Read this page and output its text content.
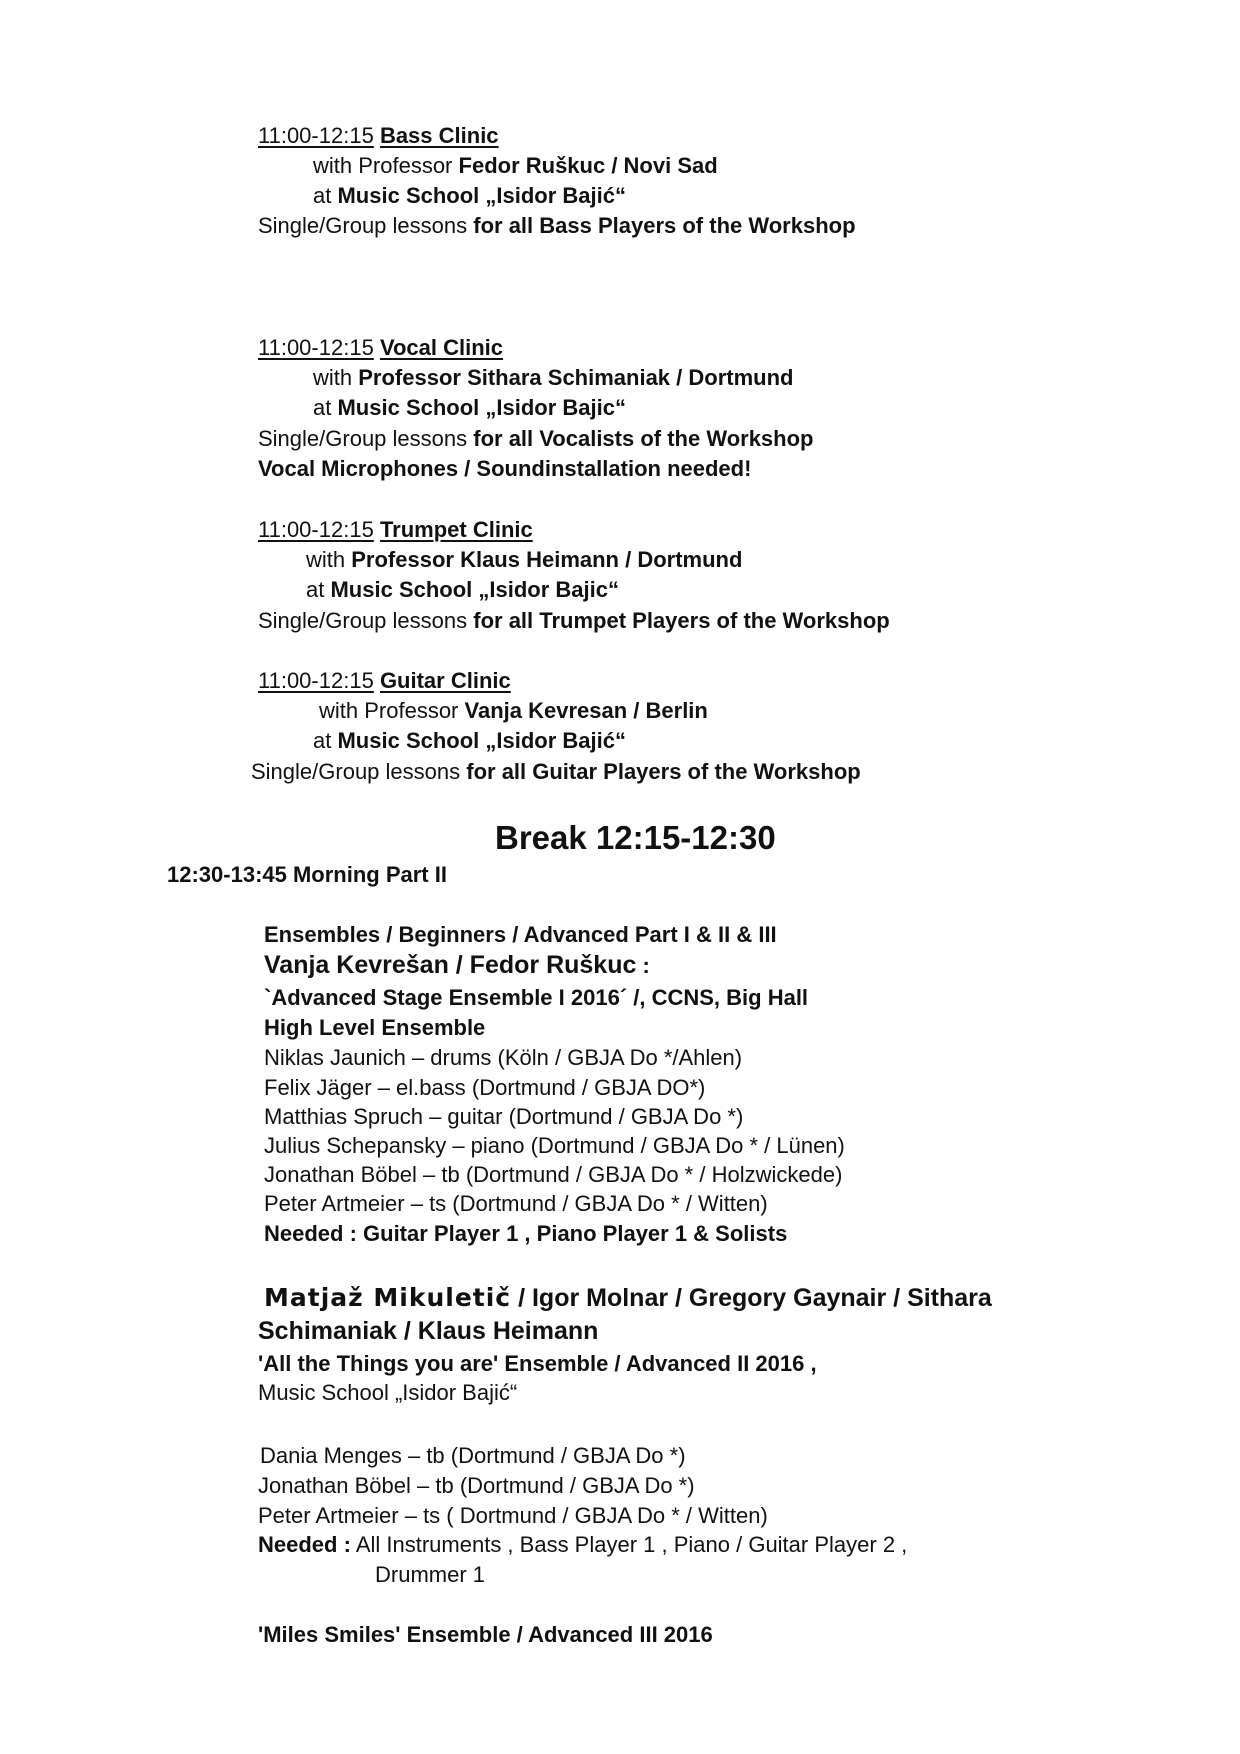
11:00-12:15 Bass Clinic
with Professor Fedor Ruškuc / Novi Sad
at Music School „Isidor Bajić“
Single/Group lessons for all Bass Players of the Workshop
11:00-12:15 Vocal Clinic
with Professor Sithara Schimaniak / Dortmund
at Music School „Isidor Bajic“
Single/Group lessons for all Vocalists of the Workshop
Vocal Microphones / Soundinstallation needed!
11:00-12:15 Trumpet Clinic
with Professor Klaus Heimann / Dortmund
at Music School „Isidor Bajic“
Single/Group lessons for all Trumpet Players of the Workshop
11:00-12:15 Guitar Clinic
with Professor Vanja Kevresan / Berlin
at Music School „Isidor Bajić“
Single/Group lessons for all Guitar Players of the Workshop
Break 12:15-12:30
12:30-13:45 Morning Part II
Ensembles / Beginners / Advanced Part I & II & III
Vanja Kevrešan / Fedor Ruškuc :
`Advanced Stage Ensemble I 2016´ /, CCNS, Big Hall
High Level Ensemble
Niklas Jaunich – drums (Köln / GBJA Do */Ahlen)
Felix Jäger – el.bass (Dortmund / GBJA DO*)
Matthias Spruch – guitar (Dortmund / GBJA Do *)
Julius Schepansky – piano (Dortmund / GBJA Do * / Lünen)
Jonathan Böbel – tb (Dortmund / GBJA Do * / Holzwickede)
Peter Artmeier – ts (Dortmund / GBJA Do * / Witten)
Needed : Guitar Player 1 , Piano Player 1 & Solists
Matjaž Mikuletič / Igor Molnar / Gregory Gaynair / Sithara
Schimaniak / Klaus Heimann
'All the Things you are' Ensemble / Advanced II 2016 ,
Music School „Isidor Bajić“
Dania Menges – tb (Dortmund / GBJA Do *)
Jonathan Böbel – tb (Dortmund / GBJA Do *)
Peter Artmeier – ts ( Dortmund / GBJA Do * / Witten)
Needed : All Instruments , Bass Player 1 , Piano / Guitar Player 2 ,
Drummer 1
'Miles Smiles' Ensemble / Advanced III 2016
